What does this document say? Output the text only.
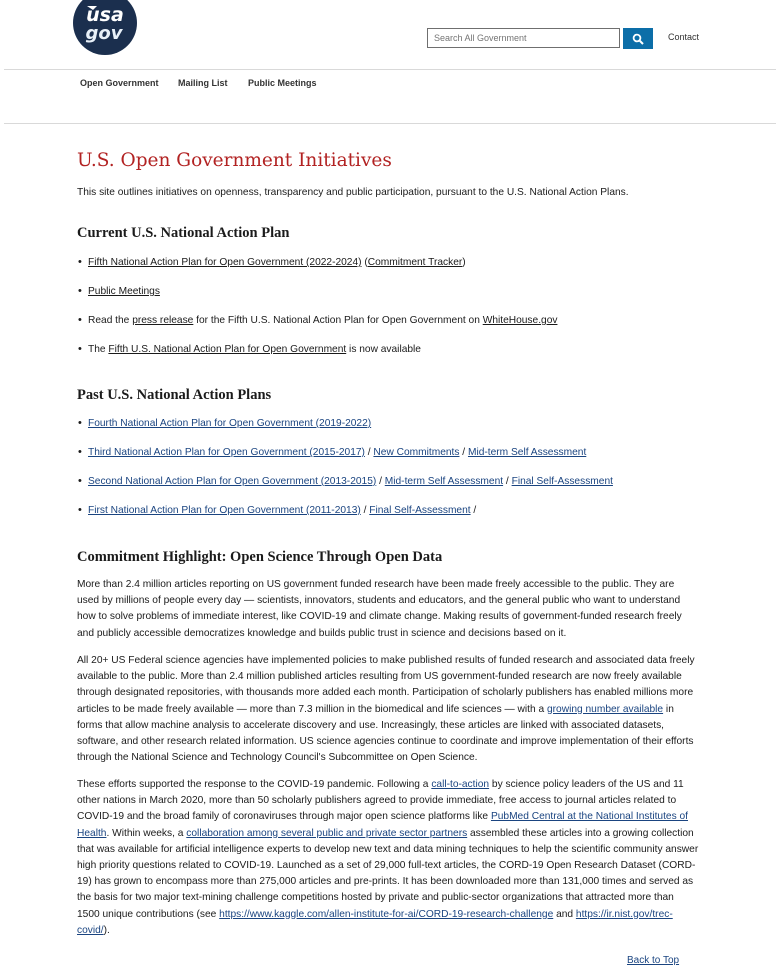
usa
gov
Search All Government	Contact
Open Government Mailing List Public Meetings
U.S. Open Government Initiatives
This site outlines initiatives on openness, transparency and public participation, pursuant to the U.S. National Action Plans.
Current U.S. National Action Plan
• Fifth National Action Plan for Open Government (2022-2024) (Commitment Tracker)
• Public Meetings
• Read the press release for the Fifth U.S. National Action Plan for Open Government on WhiteHouse.gov
• The Fifth U.S. National Action Plan for Open Government is now available
Past U.S. National Action Plans
• Fourth National Action Plan for Open Government (2019-2022)
• Third National Action Plan for Open Government (2015-2017) / New Commitments / Mid-term Self Assessment
• Second National Action Plan for Open Government (2013-2015) / Mid-term Self Assessment / Final Self-Assessment
• First National Action Plan for Open Government (2011-2013) / Final Self-Assessment /
Commitment Highlight: Open Science Through Open Data

More than 2.4 million articles reporting on US government funded research have been made freely accessible to the public. They are used by millions of people every day — scientists, innovators, students and educators, and the general public who want to understand how to solve problems of immediate interest, like COVID-19 and climate change. Making results of government-funded research freely and publicly accessible democratizes knowledge and builds public trust in science and decisions based on it.

All 20+ US Federal science agencies have implemented policies to make published results of funded research and associated data freely available to the public. More than 2.4 million published articles resulting from US government-funded research are now freely available through designated repositories, with thousands more added each month. Participation of scholarly publishers has enabled millions more articles to be made freely available — more than 7.3 million in the biomedical and life sciences — with a growing number available in forms that allow machine analysis to accelerate discovery and use. Increasingly, these articles are linked with associated datasets, software, and other research related information. US science agencies continue to coordinate and improve implementation of their efforts through the National Science and Technology Council's Subcommittee on Open Science.

These efforts supported the response to the COVID-19 pandemic. Following a call-to-action by science policy leaders of the US and 11 other nations in March 2020, more than 50 scholarly publishers agreed to provide immediate, free access to journal articles related to COVID-19 and the broad family of coronaviruses through major open science platforms like PubMed Central at the National Institutes of Health. Within weeks, a collaboration among several public and private sector partners assembled these articles into a growing collection that was available for artificial intelligence experts to develop new text and data mining techniques to help the scientific community answer high priority questions related to COVID-19. Launched as a set of 29,000 full-text articles, the CORD-19 Open Research Dataset (CORD-19) has grown to encompass more than 275,000 articles and pre-prints. It has been downloaded more than 131,000 times and served as the basis for two major text-mining challenge competitions hosted by private and public-sector organizations that attracted more than 1500 unique contributions (see https://www.kaggle.com/allen-institute-for-ai/CORD-19-research-challenge and https://ir.nist.gov/trec-covid/).

Back to Top
